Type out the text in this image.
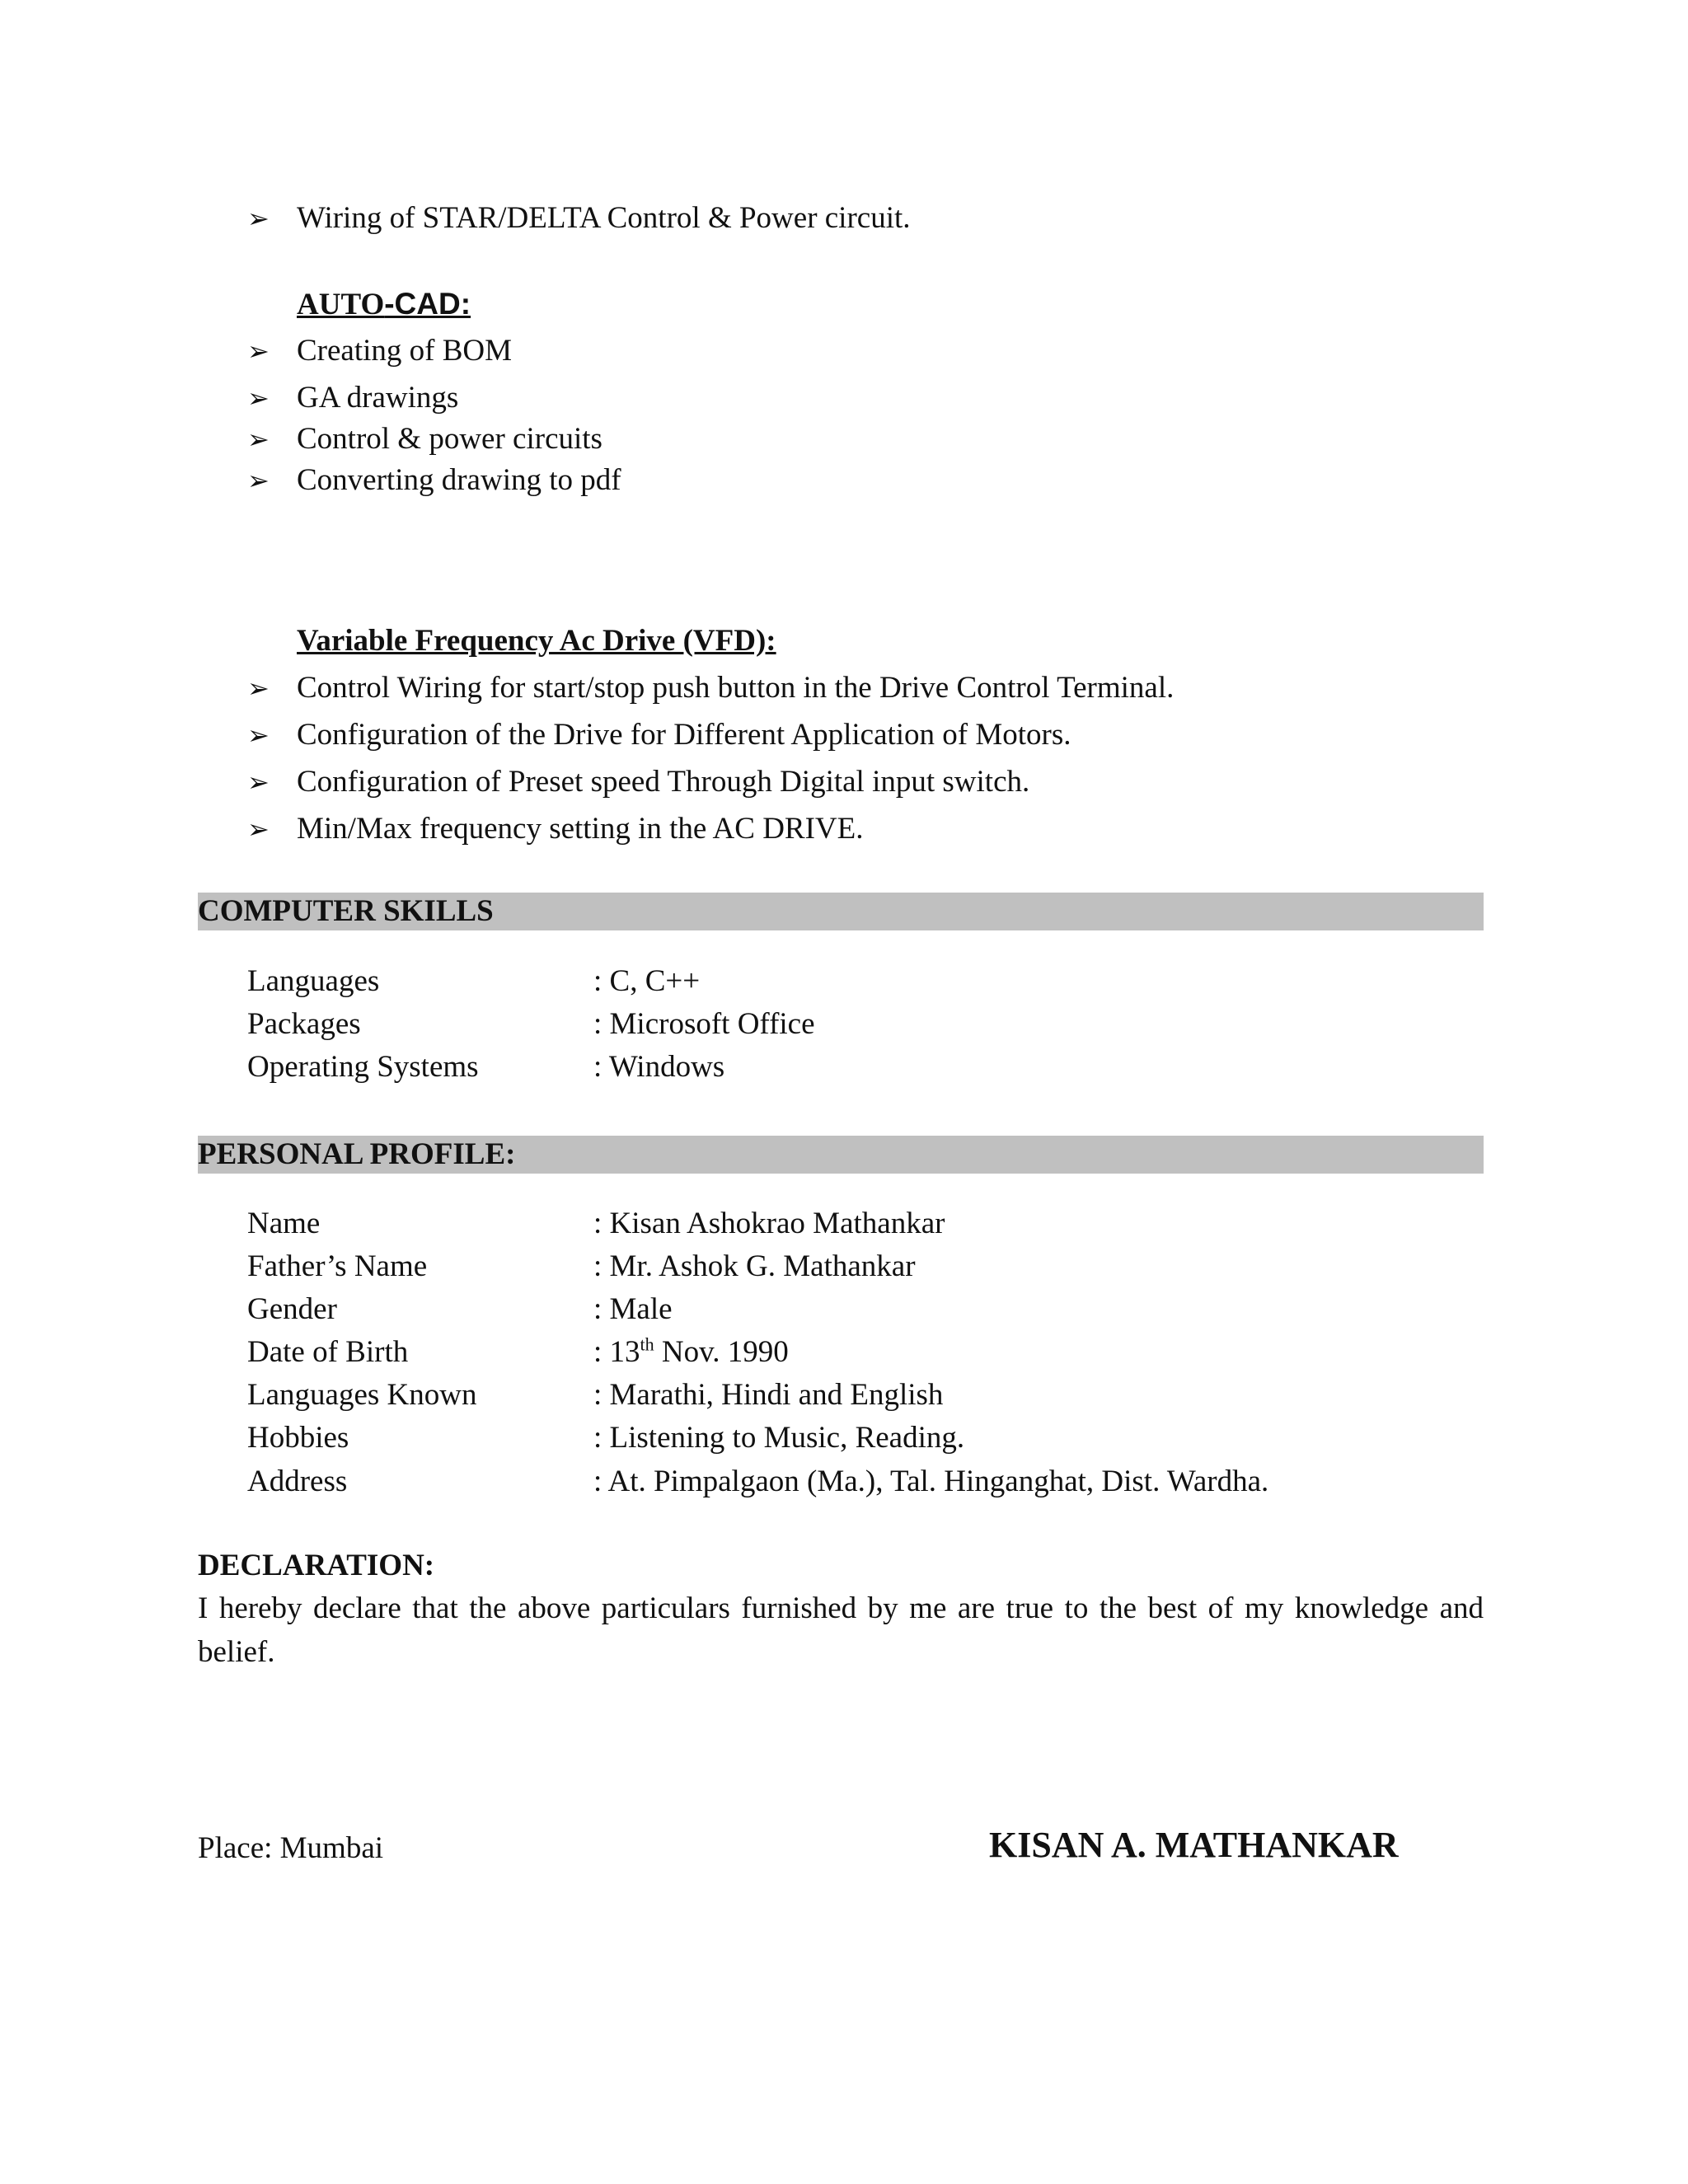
➢ Wiring of STAR/DELTA Control & Power circuit.
AUTO-CAD:
➢ Creating of BOM
➢ GA drawings
➢ Control & power circuits
➢ Converting drawing to pdf
Variable Frequency Ac Drive (VFD):
➢ Control Wiring for start/stop push button in the Drive Control Terminal.
➢ Configuration of the Drive for Different Application of Motors.
➢ Configuration of Preset speed Through Digital input switch.
➢ Min/Max frequency setting in the AC DRIVE.
COMPUTER SKILLS
Languages	: C, C++
Packages	: Microsoft Office
Operating Systems	: Windows
PERSONAL PROFILE:
Name	: Kisan Ashokrao Mathankar
Father’s Name	: Mr. Ashok G. Mathankar
Gender	: Male
Date of Birth	: 13th Nov. 1990
Languages Known	: Marathi, Hindi and English
Hobbies	: Listening to Music, Reading.
Address	: At. Pimpalgaon (Ma.), Tal. Hinganghat, Dist. Wardha.
DECLARATION:
I hereby declare that the above particulars furnished by me are true to the best of my knowledge and belief.
Place: Mumbai	KISAN A. MATHANKAR
